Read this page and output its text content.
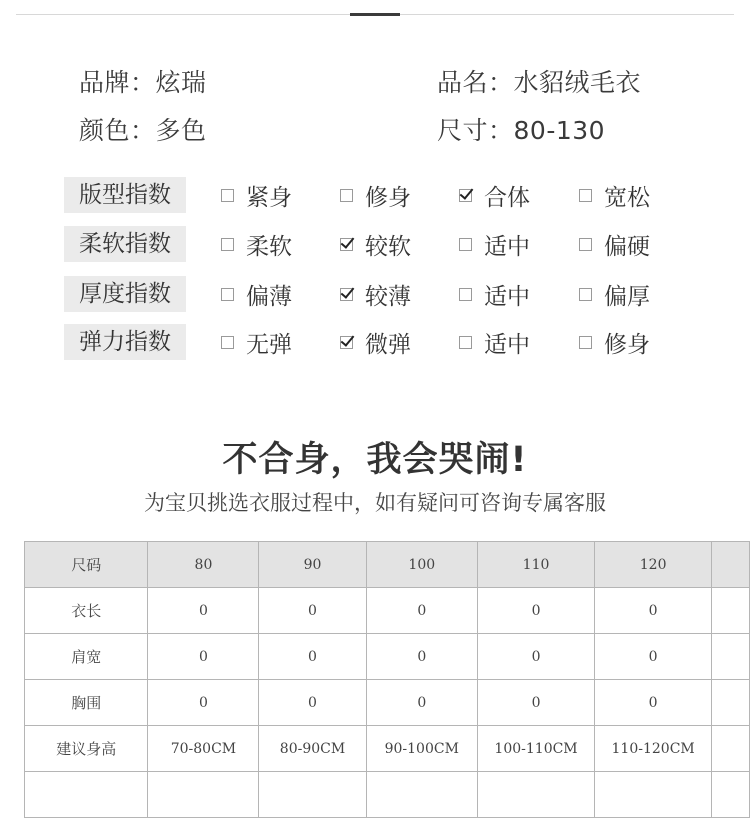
品牌：炫瑞	品名：水貂绒毛衣
颜色：多色	尺寸：80-130
版型指数	紧身	修身	合体	宽松
柔软指数	柔软	较软	适中	偏硬
厚度指数	偏薄	较薄	适中	偏厚
弹力指数	无弹	微弹	适中	修身
不合身，我会哭闹!
为宝贝挑选衣服过程中，如有疑问可咨询专属客服
尺码	80	90	100	110	120	
衣长	0	0	0	0	0	
肩宽	0	0	0	0	0	
胸围	0	0	0	0	0	
建议身高	70-80CM	80-90CM	90-100CM	100-110CM	110-120CM	
